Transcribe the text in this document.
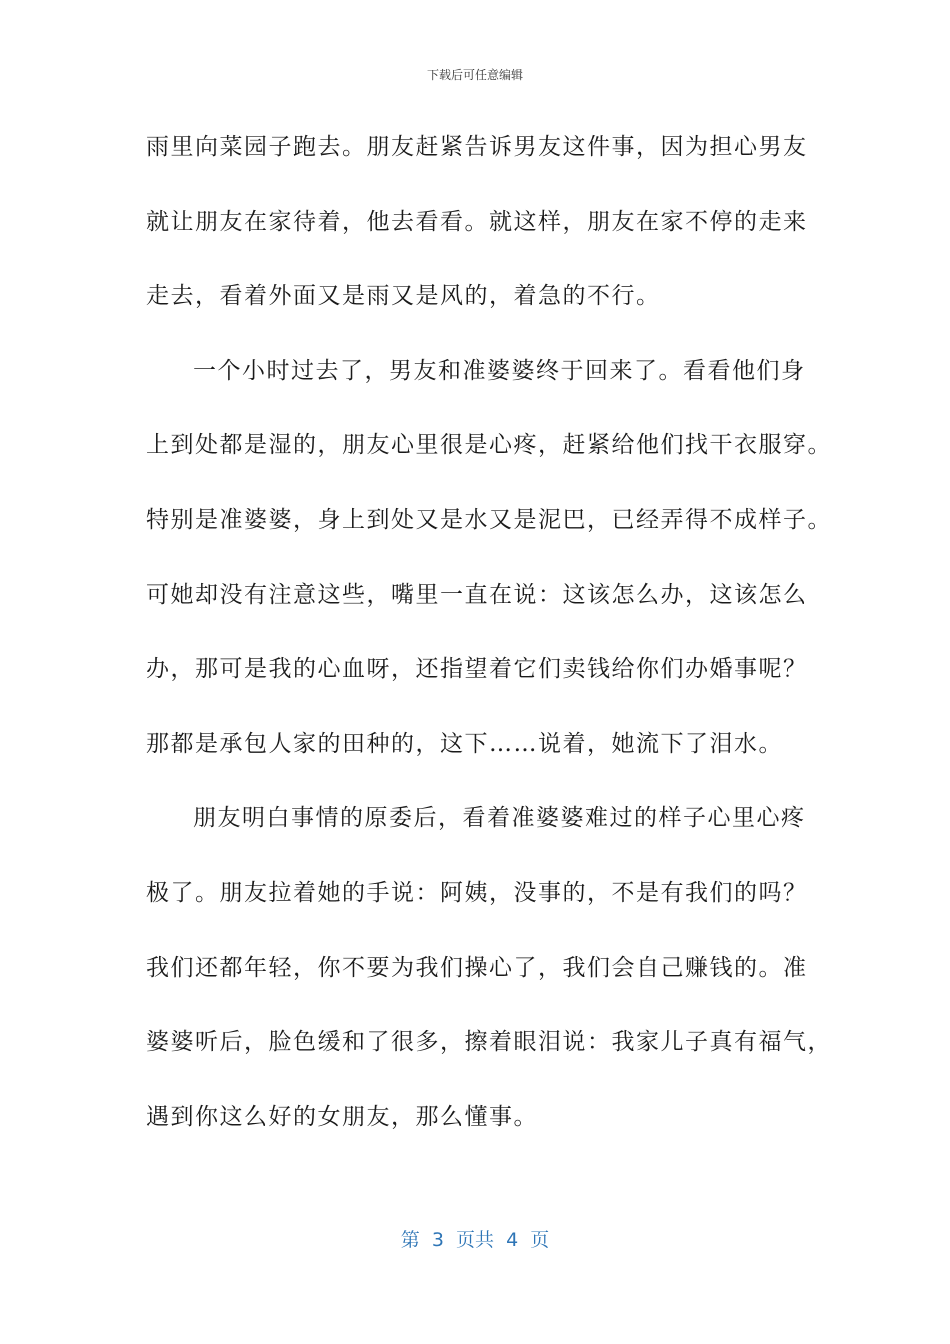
下载后可任意编辑
雨里向菜园子跑去。朋友赶紧告诉男友这件事，因为担心男友
就让朋友在家待着，他去看看。就这样，朋友在家不停的走来
走去，看着外面又是雨又是风的，着急的不行。
一个小时过去了，男友和准婆婆终于回来了。看看他们身
上到处都是湿的，朋友心里很是心疼，赶紧给他们找干衣服穿。
特别是准婆婆，身上到处又是水又是泥巴，已经弄得不成样子。
可她却没有注意这些，嘴里一直在说：这该怎么办，这该怎么
办，那可是我的心血呀，还指望着它们卖钱给你们办婚事呢？
那都是承包人家的田种的，这下……说着，她流下了泪水。
朋友明白事情的原委后，看着准婆婆难过的样子心里心疼
极了。朋友拉着她的手说：阿姨，没事的，不是有我们的吗？
我们还都年轻，你不要为我们操心了，我们会自己赚钱的。准
婆婆听后，脸色缓和了很多，擦着眼泪说：我家儿子真有福气，
遇到你这么好的女朋友，那么懂事。
第  3  页共  4  页
